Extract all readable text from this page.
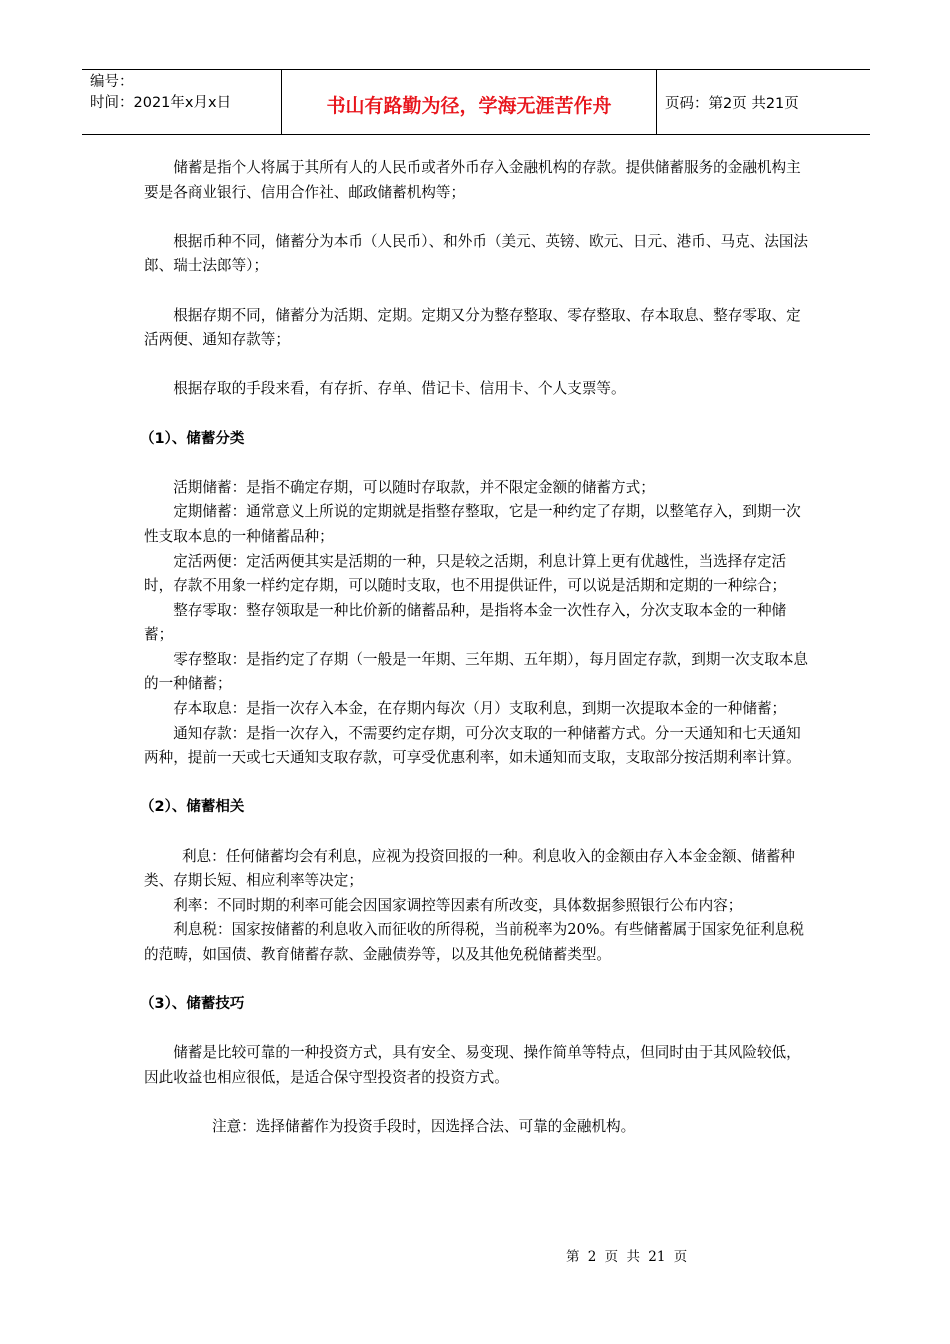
编号：
时间：2021年x月x日	书山有路勤为径，学海无涯苦作舟	页码：第2页 共21页

储蓄是指个人将属于其所有人的人民币或者外币存入金融机构的存款。提供储蓄服务的金融机构主要是各商业银行、信用合作社、邮政储蓄机构等；

根据币种不同，储蓄分为本币（人民币）、和外币（美元、英镑、欧元、日元、港币、马克、法国法郎、瑞士法郎等）；

根据存期不同，储蓄分为活期、定期。定期又分为整存整取、零存整取、存本取息、整存零取、定活两便、通知存款等；

根据存取的手段来看，有存折、存单、借记卡、信用卡、个人支票等。

（1）、储蓄分类

活期储蓄：是指不确定存期，可以随时存取款，并不限定金额的储蓄方式；

定期储蓄：通常意义上所说的定期就是指整存整取，它是一种约定了存期，以整笔存入，到期一次性支取本息的一种储蓄品种；

定活两便：定活两便其实是活期的一种，只是较之活期，利息计算上更有优越性，当选择存定活时，存款不用象一样约定存期，可以随时支取，也不用提供证件，可以说是活期和定期的一种综合；

整存零取：整存领取是一种比价新的储蓄品种，是指将本金一次性存入，分次支取本金的一种储蓄；

零存整取：是指约定了存期（一般是一年期、三年期、五年期），每月固定存款，到期一次支取本息的一种储蓄；

存本取息：是指一次存入本金，在存期内每次（月）支取利息，到期一次提取本金的一种储蓄；

通知存款：是指一次存入，不需要约定存期，可分次支取的一种储蓄方式。分一天通知和七天通知两种，提前一天或七天通知支取存款，可享受优惠利率，如未通知而支取，支取部分按活期利率计算。

（2）、储蓄相关

利息：任何储蓄均会有利息，应视为投资回报的一种。利息收入的金额由存入本金金额、储蓄种类、存期长短、相应利率等决定；

利率：不同时期的利率可能会因国家调控等因素有所改变，具体数据参照银行公布内容；

利息税：国家按储蓄的利息收入而征收的所得税，当前税率为20%。有些储蓄属于国家免征利息税的范畴，如国债、教育储蓄存款、金融债券等，以及其他免税储蓄类型。

（3）、储蓄技巧

储蓄是比较可靠的一种投资方式，具有安全、易变现、操作简单等特点，但同时由于其风险较低，因此收益也相应很低，是适合保守型投资者的投资方式。

注意：选择储蓄作为投资手段时，因选择合法、可靠的金融机构。

第 2 页 共 21 页
